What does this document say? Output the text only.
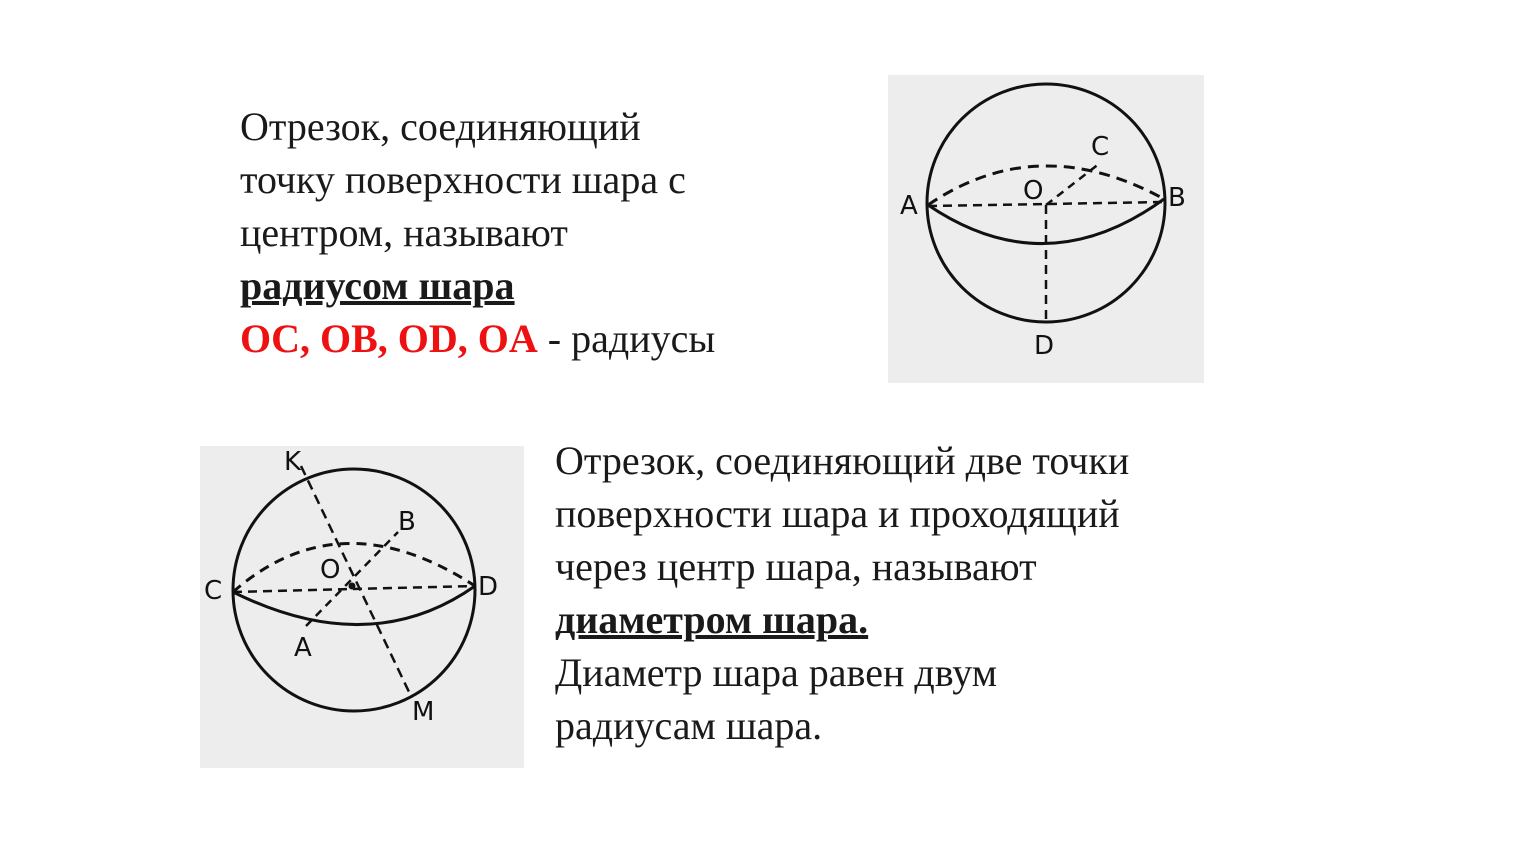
Отрезок, соединяющий
точку поверхности шара с
центром, называют
радиусом шара
OC, OB, OD, OA - радиусы
A	B
C
O
D
K
B
C
O
D
A
M
Отрезок, соединяющий две точки
поверхности шара и проходящий
через центр шара, называют
диаметром шара.
Диаметр шара равен двум
радиусам шара.
